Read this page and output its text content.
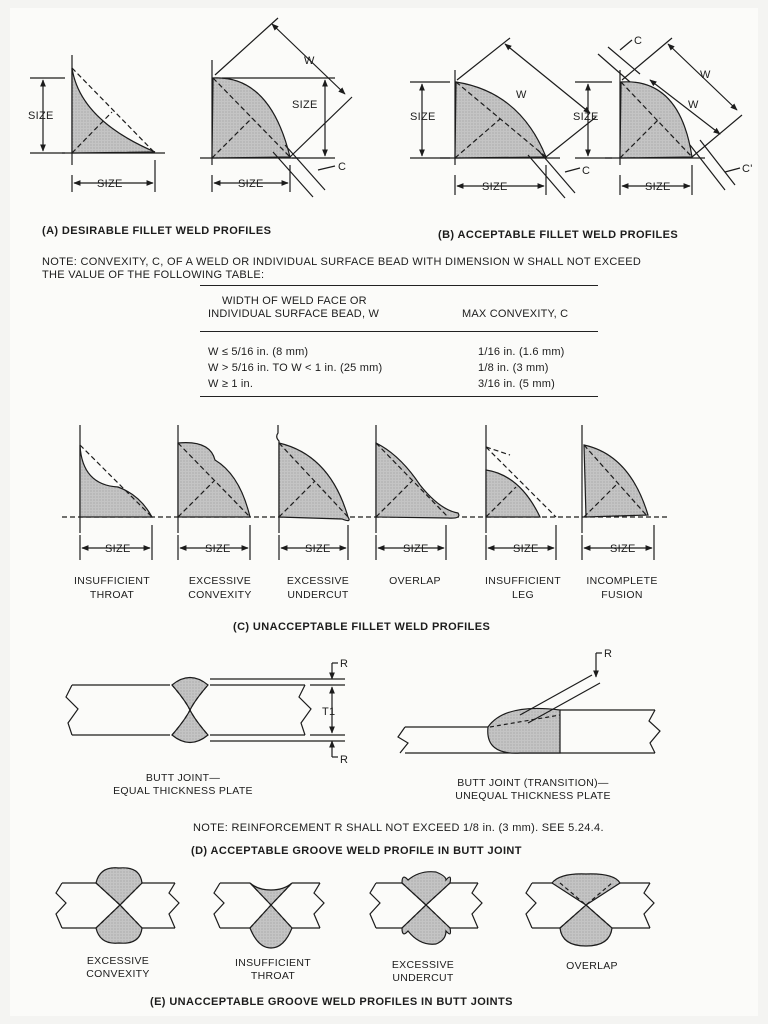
SIZE
SIZE
W
SIZE
SIZE
C
W
SIZE
SIZE
C
C
W
W
SIZE
SIZE
C'
(A) DESIRABLE FILLET WELD PROFILES	(B) ACCEPTABLE FILLET WELD PROFILES
NOTE: CONVEXITY, C, OF A WELD OR INDIVIDUAL SURFACE BEAD WITH DIMENSION W SHALL NOT EXCEED
THE VALUE OF THE FOLLOWING TABLE:
WIDTH OF WELD FACE OR
INDIVIDUAL SURFACE BEAD, W	MAX CONVEXITY, C
W ≤ 5/16 in. (8 mm)	1/16 in. (1.6 mm)
W > 5/16 in. TO W < 1 in. (25 mm)	1/8 in. (3 mm)
W ≥ 1 in.	3/16 in. (5 mm)
SIZE	SIZE	SIZE	SIZE	SIZE	SIZE
INSUFFICIENT
THROAT
EXCESSIVE
CONVEXITY
EXCESSIVE
UNDERCUT
OVERLAP	INSUFFICIENT
LEG
INCOMPLETE
FUSION
(C) UNACCEPTABLE FILLET WELD PROFILES
R
T1
R
R
BUTT JOINT—
EQUAL THICKNESS PLATE
BUTT JOINT (TRANSITION)—
UNEQUAL THICKNESS PLATE
NOTE: REINFORCEMENT R SHALL NOT EXCEED 1/8 in. (3 mm). SEE 5.24.4.
(D) ACCEPTABLE GROOVE WELD PROFILE IN BUTT JOINT
EXCESSIVE
CONVEXITY
INSUFFICIENT
THROAT
EXCESSIVE
UNDERCUT
OVERLAP
(E) UNACCEPTABLE GROOVE WELD PROFILES IN BUTT JOINTS
